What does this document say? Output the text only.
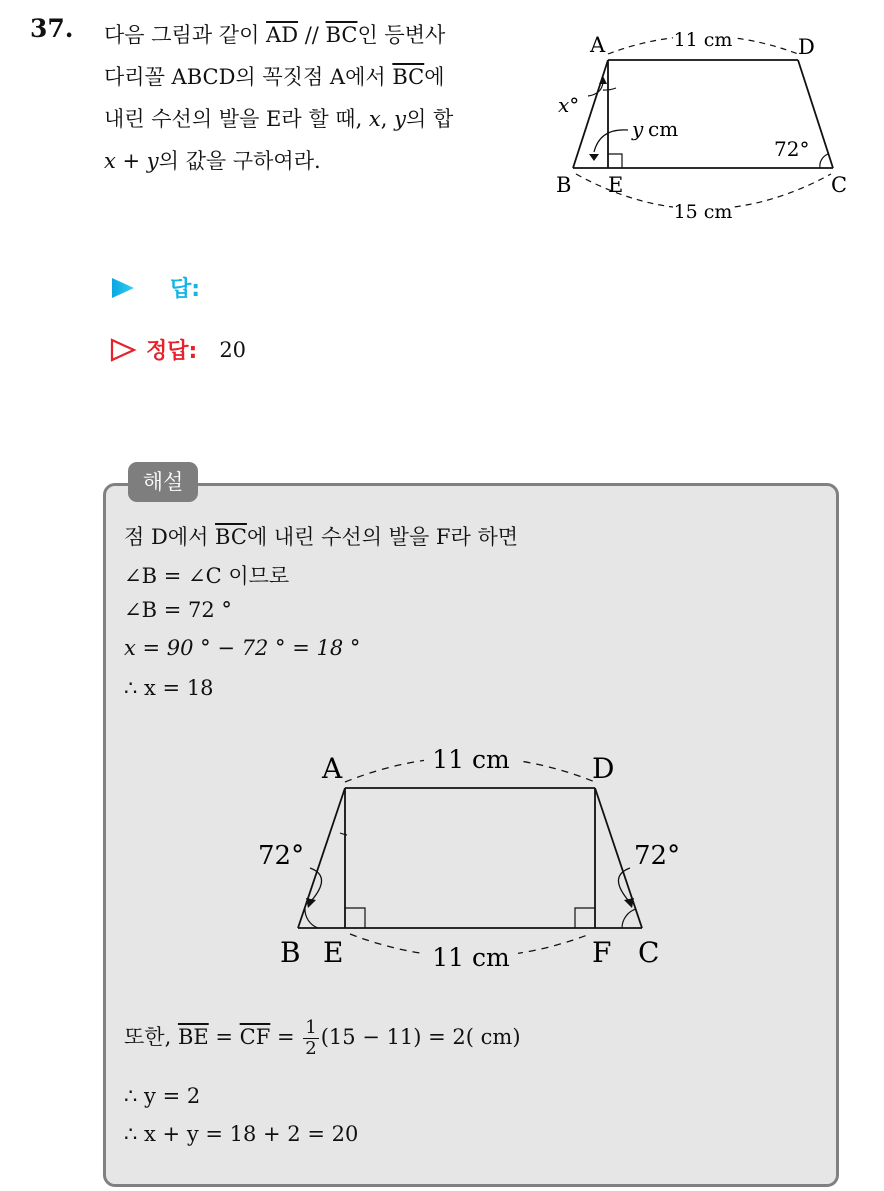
37. 다음 그림과 같이 $\overline{AD} // \overline{BC}$인 등변사
다리꼴 ABCD의 꼭짓점 A에서 $\overline{BC}$에
내린 수선의 발을 E라 할 때, x, y의 합
x + y의 값을 구하여라.
A	D
B E	C
11 cm
15 cm
x°
y cm
72°
답:
정답: 20
해설
점 D에서 $\overline{BC}$에 내린 수선의 발을 F라 하면
∠B = ∠C 이므로
∠B = 72 °
x = 90 ° − 72 ° = 18 °
∴ x = 18
A	D
B E	F C
11 cm
11 cm
72°	72°
또한, $\overline{BE} = \overline{CF} = \frac{1}{2} (15 - 11) = 2$( cm)
∴ y = 2
∴ x + y = 18 + 2 = 20
